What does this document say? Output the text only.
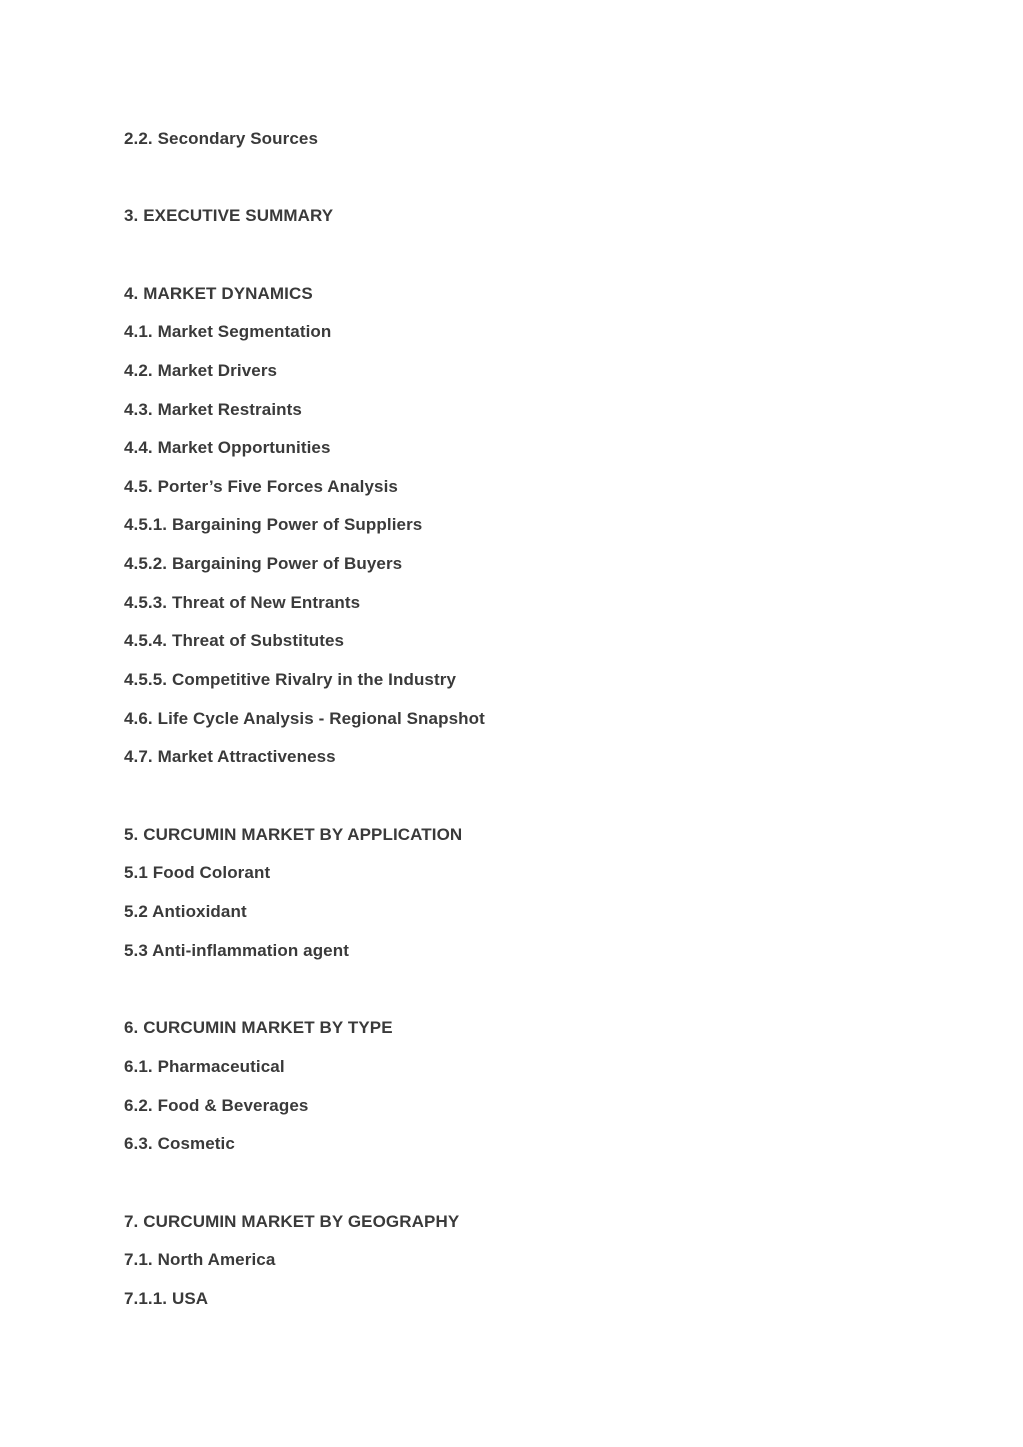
2.2. Secondary Sources
3. EXECUTIVE SUMMARY
4. MARKET DYNAMICS
4.1. Market Segmentation
4.2. Market Drivers
4.3. Market Restraints
4.4. Market Opportunities
4.5. Porter’s Five Forces Analysis
4.5.1. Bargaining Power of Suppliers
4.5.2. Bargaining Power of Buyers
4.5.3. Threat of New Entrants
4.5.4. Threat of Substitutes
4.5.5. Competitive Rivalry in the Industry
4.6. Life Cycle Analysis - Regional Snapshot
4.7. Market Attractiveness
5. CURCUMIN MARKET BY APPLICATION
5.1 Food Colorant
5.2 Antioxidant
5.3 Anti-inflammation agent
6. CURCUMIN MARKET BY TYPE
6.1. Pharmaceutical
6.2. Food & Beverages
6.3. Cosmetic
7. CURCUMIN MARKET BY GEOGRAPHY
7.1. North America
7.1.1. USA
